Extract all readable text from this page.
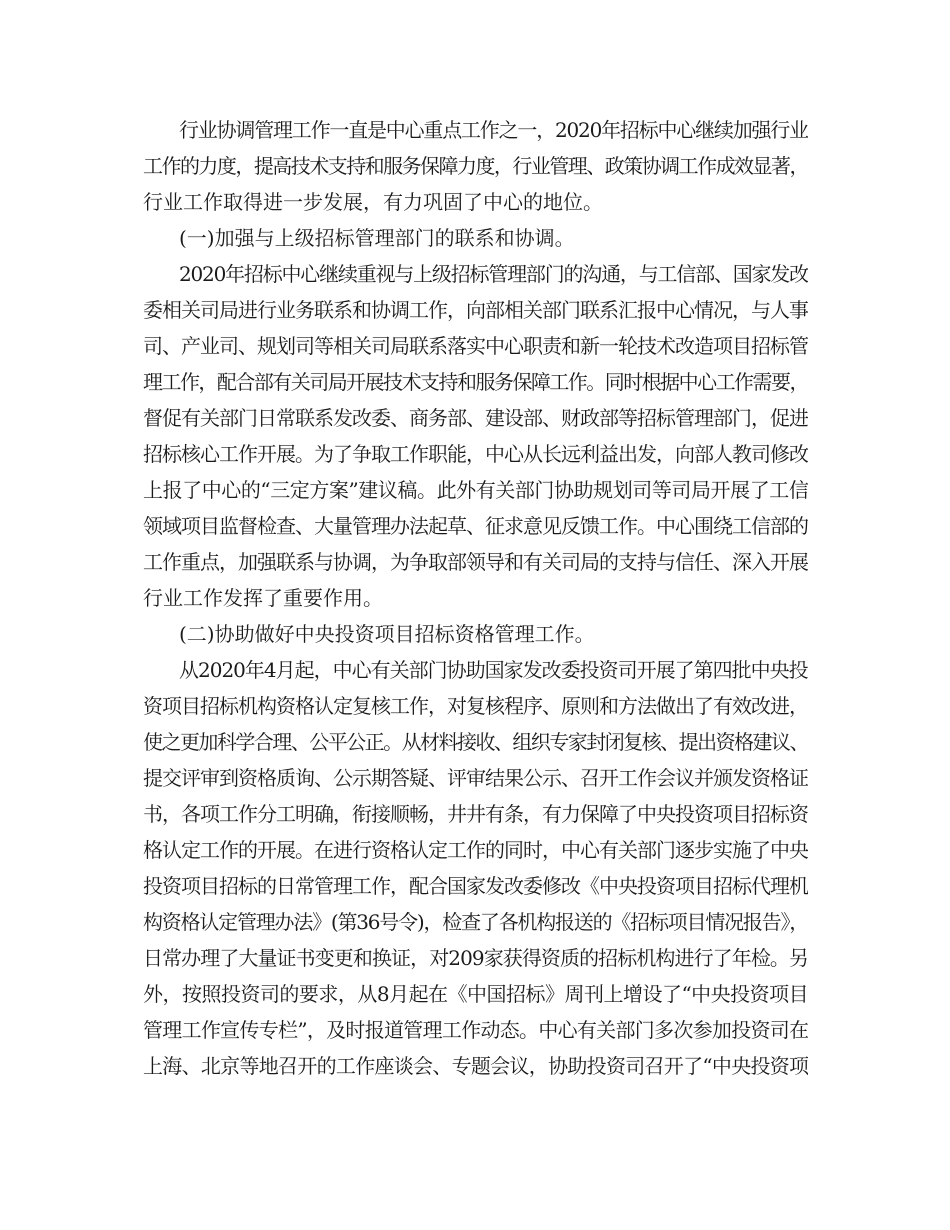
行业协调管理工作一直是中心重点工作之一，2020年招标中心继续加强行业
工作的力度，提高技术支持和服务保障力度，行业管理、政策协调工作成效显著，
行业工作取得进一步发展，有力巩固了中心的地位。
(一)加强与上级招标管理部门的联系和协调。
2020年招标中心继续重视与上级招标管理部门的沟通，与工信部、国家发改
委相关司局进行业务联系和协调工作，向部相关部门联系汇报中心情况，与人事
司、产业司、规划司等相关司局联系落实中心职责和新一轮技术改造项目招标管
理工作，配合部有关司局开展技术支持和服务保障工作。同时根据中心工作需要，
督促有关部门日常联系发改委、商务部、建设部、财政部等招标管理部门，促进
招标核心工作开展。为了争取工作职能，中心从长远利益出发，向部人教司修改
上报了中心的“三定方案”建议稿。此外有关部门协助规划司等司局开展了工信
领域项目监督检查、大量管理办法起草、征求意见反馈工作。中心围绕工信部的
工作重点，加强联系与协调，为争取部领导和有关司局的支持与信任、深入开展
行业工作发挥了重要作用。
(二)协助做好中央投资项目招标资格管理工作。
从2020年4月起，中心有关部门协助国家发改委投资司开展了第四批中央投
资项目招标机构资格认定复核工作，对复核程序、原则和方法做出了有效改进，
使之更加科学合理、公平公正。从材料接收、组织专家封闭复核、提出资格建议、
提交评审到资格质询、公示期答疑、评审结果公示、召开工作会议并颁发资格证
书，各项工作分工明确，衔接顺畅，井井有条，有力保障了中央投资项目招标资
格认定工作的开展。在进行资格认定工作的同时，中心有关部门逐步实施了中央
投资项目招标的日常管理工作，配合国家发改委修改《中央投资项目招标代理机
构资格认定管理办法》(第36号令)，检查了各机构报送的《招标项目情况报告》，
日常办理了大量证书变更和换证，对209家获得资质的招标机构进行了年检。另
外，按照投资司的要求，从8月起在《中国招标》周刊上增设了“中央投资项目
管理工作宣传专栏”，及时报道管理工作动态。中心有关部门多次参加投资司在
上海、北京等地召开的工作座谈会、专题会议，协助投资司召开了“中央投资项
